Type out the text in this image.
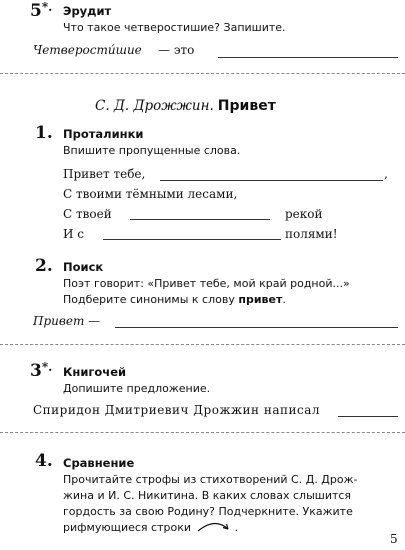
5*. Эрудит
Что такое четверостишие? Запишите.
Четверостишие — это
С. Д. Дрожжин. Привет
1. Проталинки
Впишите пропущенные слова.
Привет тебе,	,
С твоими тёмными лесами,
С твоей	рекой
И с	полями!
2. Поиск
Поэт говорит: «Привет тебе, мой край родной...»
Подберите синонимы к слову привет.
Привет —
3*. Книгочей
Допишите предложение.
Спиридон Дмитриевич Дрожжин написал
4. Сравнение
Прочитайте строфы из стихотворений С. Д. Дрож-
жина и И. С. Никитина. В каких словах слышится
гордость за свою Родину? Подчеркните. Укажите
рифмующиеся строки	.
5
